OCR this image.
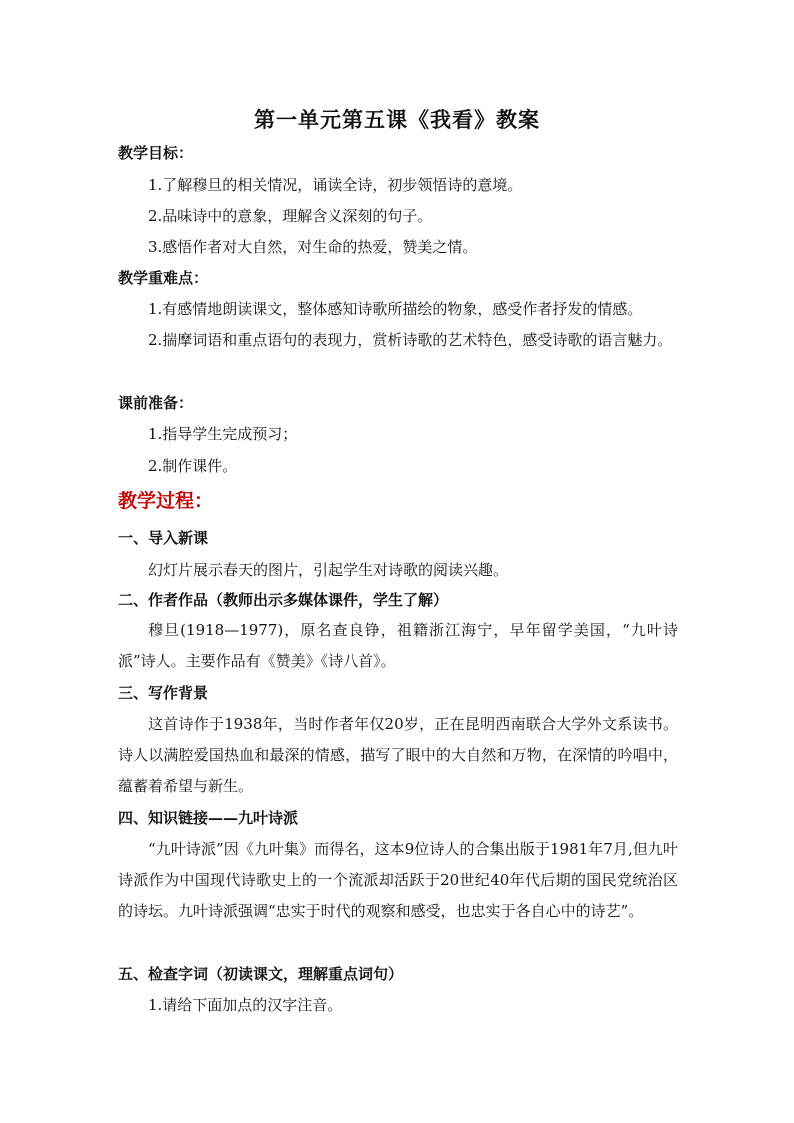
第一单元第五课《我看》教案
教学目标：
1.了解穆旦的相关情况，诵读全诗，初步领悟诗的意境。
2.品味诗中的意象，理解含义深刻的句子。
3.感悟作者对大自然，对生命的热爱，赞美之情。
教学重难点：
1.有感情地朗读课文，整体感知诗歌所描绘的物象，感受作者抒发的情感。
2.揣摩词语和重点语句的表现力，赏析诗歌的艺术特色，感受诗歌的语言魅力。
课前准备：
1.指导学生完成预习；
2.制作课件。
教学过程：
一、导入新课
幻灯片展示春天的图片，引起学生对诗歌的阅读兴趣。
二、作者作品（教师出示多媒体课件，学生了解）
穆旦(1918—1977)，原名查良铮，祖籍浙江海宁，早年留学美国，“九叶诗派”诗人。主要作品有《赞美》《诗八首》。
三、写作背景
这首诗作于1938年，当时作者年仅20岁，正在昆明西南联合大学外文系读书。诗人以满腔爱国热血和最深的情感，描写了眼中的大自然和万物，在深情的吟唱中，蕴蓄着希望与新生。
四、知识链接——九叶诗派
“九叶诗派”因《九叶集》而得名，这本9位诗人的合集出版于1981年7月,但九叶诗派作为中国现代诗歌史上的一个流派却活跃于20世纪40年代后期的国民党统治区的诗坛。九叶诗派强调“忠实于时代的观察和感受，也忠实于各自心中的诗艺”。
五、检查字词（初读课文，理解重点词句）
1.请给下面加点的汉字注音。
